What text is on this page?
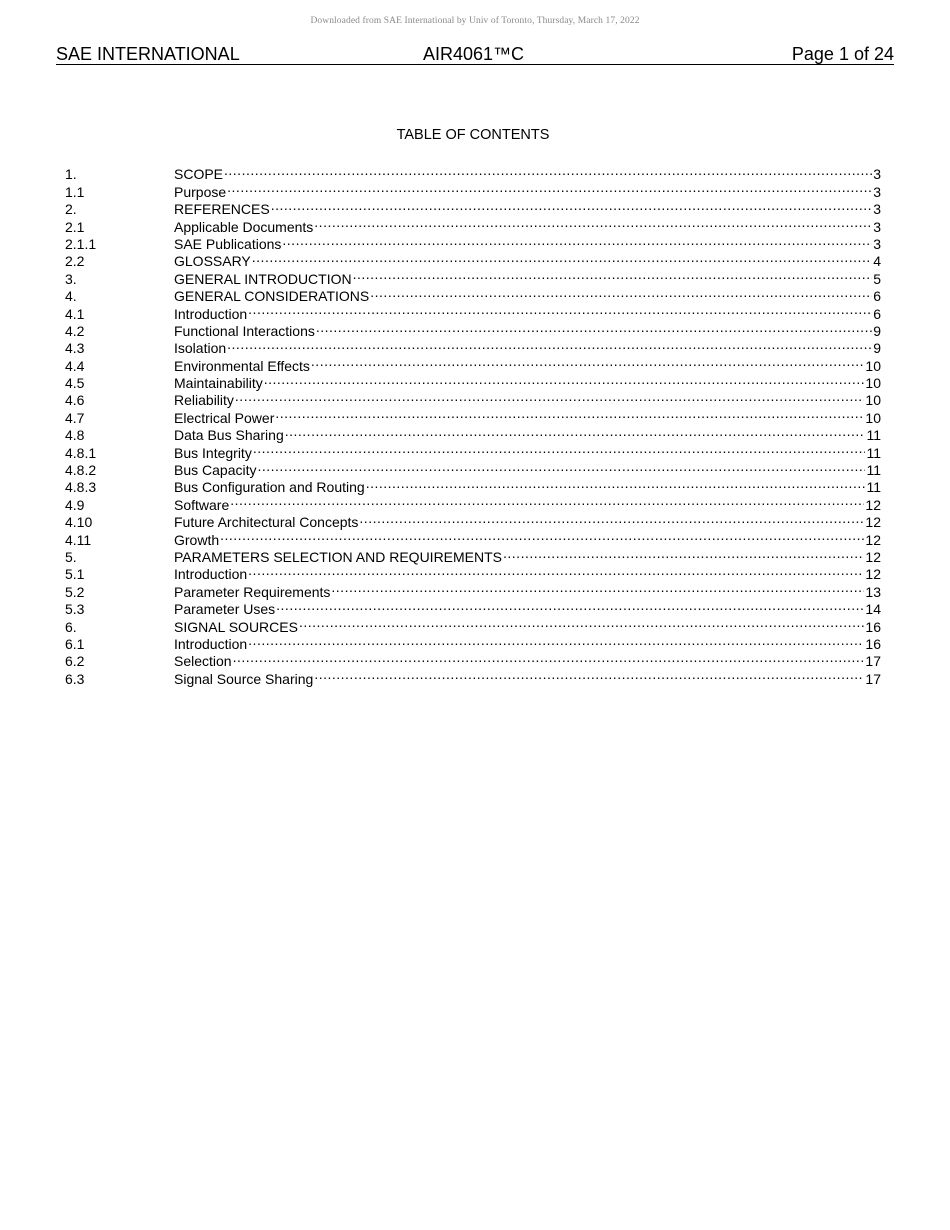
Downloaded from SAE International by Univ of Toronto, Thursday, March 17, 2022
SAE INTERNATIONAL	AIR4061™C	Page 1 of 24
TABLE OF CONTENTS
1.	SCOPE .....	3
1.1	Purpose .....	3
2.	REFERENCES .....	3
2.1	Applicable Documents .....	3
2.1.1	SAE Publications .....	3
2.2	GLOSSARY .....	4
3.	GENERAL INTRODUCTION .....	5
4.	GENERAL CONSIDERATIONS .....	6
4.1	Introduction .....	6
4.2	Functional Interactions .....	9
4.3	Isolation .....	9
4.4	Environmental Effects .....	10
4.5	Maintainability .....	10
4.6	Reliability .....	10
4.7	Electrical Power .....	10
4.8	Data Bus Sharing .....	11
4.8.1	Bus Integrity .....	11
4.8.2	Bus Capacity .....	11
4.8.3	Bus Configuration and Routing .....	11
4.9	Software .....	12
4.10	Future Architectural Concepts .....	12
4.11	Growth .....	12
5.	PARAMETERS SELECTION AND REQUIREMENTS .....	12
5.1	Introduction .....	12
5.2	Parameter Requirements .....	13
5.3	Parameter Uses .....	14
6.	SIGNAL SOURCES .....	16
6.1	Introduction .....	16
6.2	Selection .....	17
6.3	Signal Source Sharing .....	17
